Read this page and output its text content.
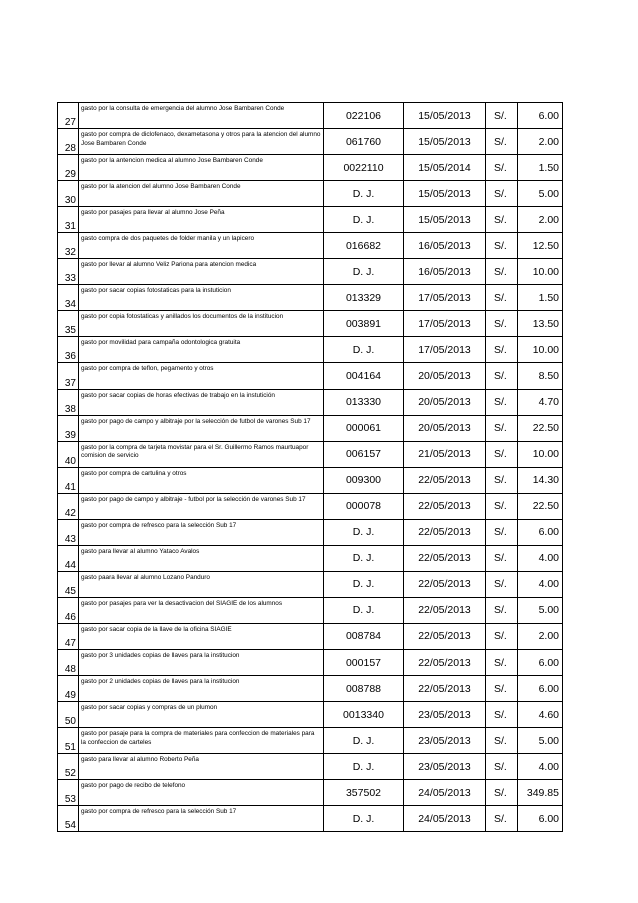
27	gasto por la consulta de emergencia del alumno Jose Bambaren Conde	022106	15/05/2013	S/.	6.00
28	gasto por compra de diclofenaco, dexametasona y otros para la atencion del alumno Jose Bambaren Conde	061760	15/05/2013	S/.	2.00
29	gasto por la antencion medica al alumno Jose Bambaren Conde	0022110	15/05/2014	S/.	1.50
30	gasto por la atencion del alumno Jose Bambaren Conde	D. J.	15/05/2013	S/.	5.00
31	gasto por pasajes para llevar al alumno Jose Peña	D. J.	15/05/2013	S/.	2.00
32	gasto compra de dos paquetes de folder manila y un lapicero	016682	16/05/2013	S/.	12.50
33	gasto por llevar al alumno Veliz Pariona para atencion medica	D. J.	16/05/2013	S/.	10.00
34	gasto por sacar copias fotostaticas para la instuticion	013329	17/05/2013	S/.	1.50
35	gasto por copia fotostaticas y anillados los documentos de la institucion	003891	17/05/2013	S/.	13.50
36	gasto por movilidad para campaña odontologica gratuita	D. J.	17/05/2013	S/.	10.00
37	gasto por compra de teflon, pegamento y otros	004164	20/05/2013	S/.	8.50
38	gasto por sacar copias de horas efectivas de trabajo en la instutición	013330	20/05/2013	S/.	4.70
39	gasto por pago de campo y albitraje por la selección de futbol de varones Sub 17	000061	20/05/2013	S/.	22.50
40	gasto por la compra de tarjeta movistar para el Sr. Guillermo Ramos maurtuapor comision de servicio	006157	21/05/2013	S/.	10.00
41	gasto por compra de cartulina y otros	009300	22/05/2013	S/.	14.30
42	gasto por pago de campo y albitraje - futbol por la selección de varones Sub 17	000078	22/05/2013	S/.	22.50
43	gasto por compra de refresco para la selección Sub 17	D. J.	22/05/2013	S/.	6.00
44	gasto para llevar al alumno Yataco Avalos	D. J.	22/05/2013	S/.	4.00
45	gasto paara llevar al alumno Lozano Panduro	D. J.	22/05/2013	S/.	4.00
46	gasto por pasajes para ver la desactivacion del SIAGIE de los alumnos	D. J.	22/05/2013	S/.	5.00
47	gasto por sacar copia de la llave de la oficina SIAGIE	008784	22/05/2013	S/.	2.00
48	gasto por 3 unidades copias de llaves para la institucion	000157	22/05/2013	S/.	6.00
49	gasto por 2 unidades copias de llaves para la institucion	008788	22/05/2013	S/.	6.00
50	gasto por sacar copias y compras de un plumon	0013340	23/05/2013	S/.	4.60
51	gasto por pasaje para la compra de materiales para confeccion de materiales para la confeccion de carteles	D. J.	23/05/2013	S/.	5.00
52	gasto para llevar al alumno Roberto Peña	D. J.	23/05/2013	S/.	4.00
53	gasto por pago de recibo de telefono	357502	24/05/2013	S/.	349.85
54	gasto por compra de refresco para la selección Sub 17	D. J.	24/05/2013	S/.	6.00
